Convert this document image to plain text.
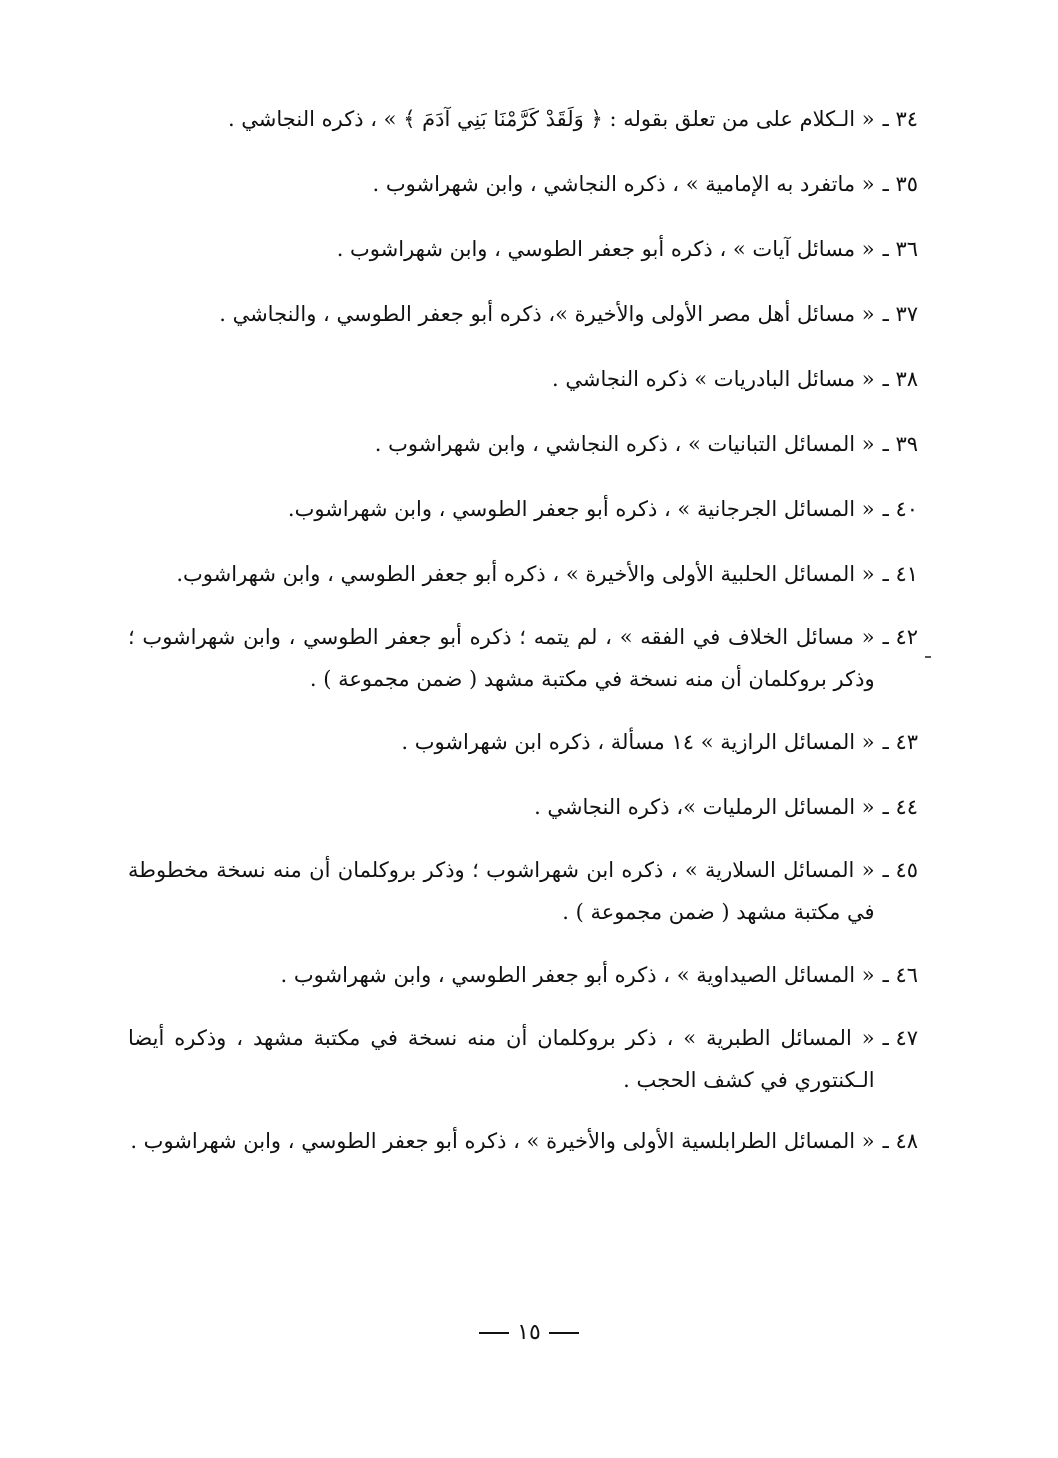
٣٤ ـ
« الـكلام على من تعلق بقوله : ﴿ وَلَقَدْ كَرَّمْنَا بَنِي آدَمَ ﴾ » ، ذكره النجاشي .
٣٥ ـ
« ماتفرد به الإمامية » ، ذكره النجاشي ، وابن شهراشوب .
٣٦ ـ
« مسائل آيات » ، ذكره أبو جعفر الطوسي ، وابن شهراشوب .
٣٧ ـ
« مسائل أهل مصر الأولى والأخيرة »، ذكره أبو جعفر الطوسي ، والنجاشي .
٣٨ ـ
« مسائل البادريات » ذكره النجاشي .
٣٩ ـ
« المسائل التبانيات » ، ذكره النجاشي ، وابن شهراشوب .
٤٠ ـ
« المسائل الجرجانية » ، ذكره أبو جعفر الطوسي ، وابن شهراشوب.
٤١ ـ
« المسائل الحلبية الأولى والأخيرة » ، ذكره أبو جعفر الطوسي ، وابن شهراشوب.
٤٢ ـ
« مسائل الخلاف في الفقه » ، لم يتمه ؛ ذكره أبو جعفر الطوسي ، وابن شهراشوب ؛ وذكر بروكلمان أن منه نسخة في مكتبة مشهد ( ضمن مجموعة ) .
٤٣ ـ
« المسائل الرازية » ١٤ مسألة ، ذكره ابن شهراشوب .
٤٤ ـ
« المسائل الرمليات »، ذكره النجاشي .
٤٥ ـ
« المسائل السلارية » ، ذكره ابن شهراشوب ؛ وذكر بروكلمان أن منه نسخة مخطوطة في مكتبة مشهد ( ضمن مجموعة ) .
٤٦ ـ
« المسائل الصيداوية » ، ذكره أبو جعفر الطوسي ، وابن شهراشوب .
٤٧ ـ
« المسائل الطبرية » ، ذكر بروكلمان أن منه نسخة في مكتبة مشهد ، وذكره أيضا الـكنتوري في كشف الحجب .
٤٨ ـ
« المسائل الطرابلسية الأولى والأخيرة » ، ذكره أبو جعفر الطوسي ، وابن شهراشوب .
١٥
